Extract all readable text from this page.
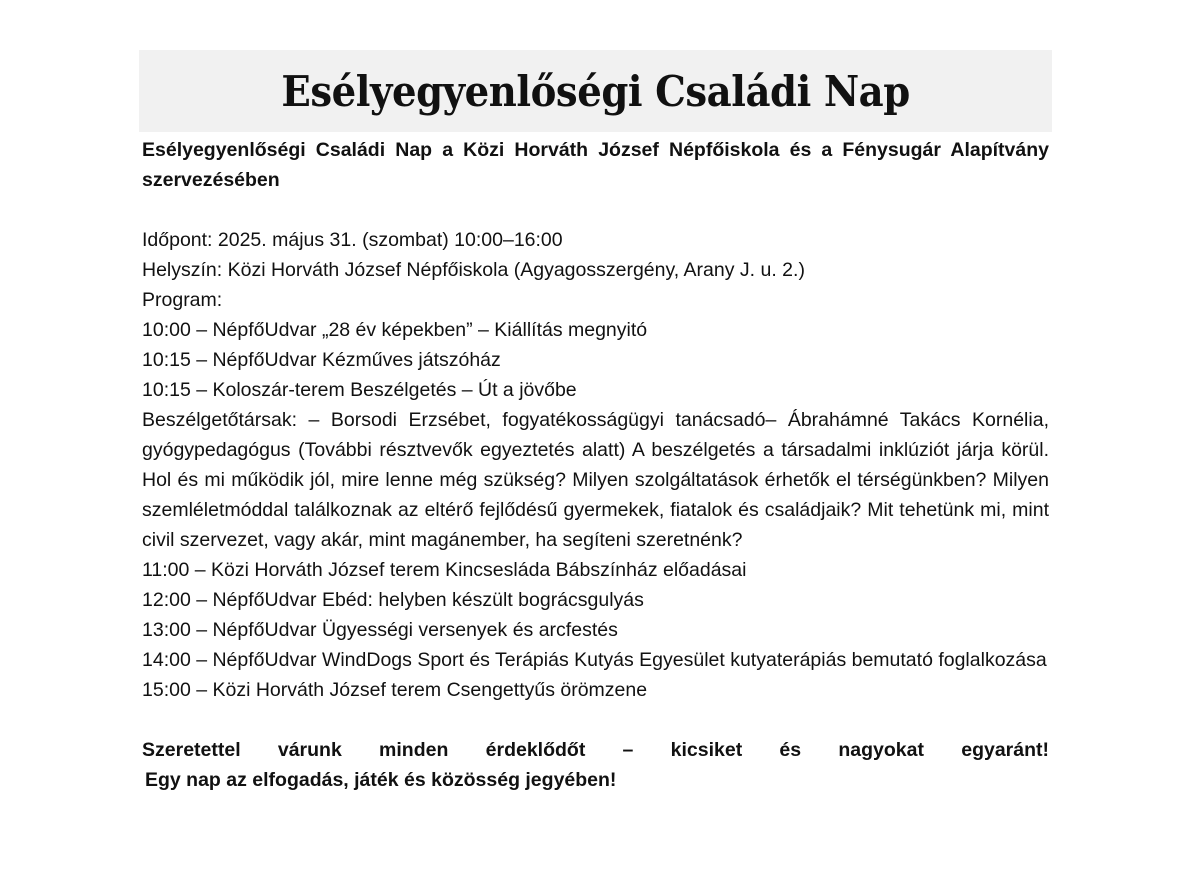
Esélyegyenlőségi Családi Nap

Esélyegyenlőségi Családi Nap a Közi Horváth József Népfőiskola és a Fénysugár Alapítvány szervezésében

Időpont: 2025. május 31. (szombat) 10:00–16:00

Helyszín: Közi Horváth József Népfőiskola (Agyagosszergény, Arany J. u. 2.)

Program:

10:00 – NépfőUdvar „28 év képekben” – Kiállítás megnyitó

10:15 – NépfőUdvar Kézműves játszóház

10:15 – Koloszár-terem Beszélgetés – Út a jövőbe

Beszélgetőtársak: – Borsodi Erzsébet, fogyatékosságügyi tanácsadó– Ábrahámné Takács Kornélia, gyógypedagógus (További résztvevők egyeztetés alatt) A beszélgetés a társadalmi inklúziót járja körül. Hol és mi működik jól, mire lenne még szükség? Milyen szolgáltatások érhetők el térségünkben? Milyen szemléletmóddal találkoznak az eltérő fejlődésű gyermekek, fiatalok és családjaik? Mit tehetünk mi, mint civil szervezet, vagy akár, mint magánember, ha segíteni szeretnénk?

11:00 – Közi Horváth József terem Kincsesláda Bábszínház előadásai

12:00 – NépfőUdvar Ebéd: helyben készült bográcsgulyás

13:00 – NépfőUdvar Ügyességi versenyek és arcfestés

14:00 – NépfőUdvar WindDogs Sport és Terápiás Kutyás Egyesület kutyaterápiás bemutató foglalkozása

15:00 – Közi Horváth József terem Csengettyűs örömzene

Szeretettel várunk minden érdeklődőt – kicsiket és nagyokat egyaránt!

Egy nap az elfogadás, játék és közösség jegyében!
